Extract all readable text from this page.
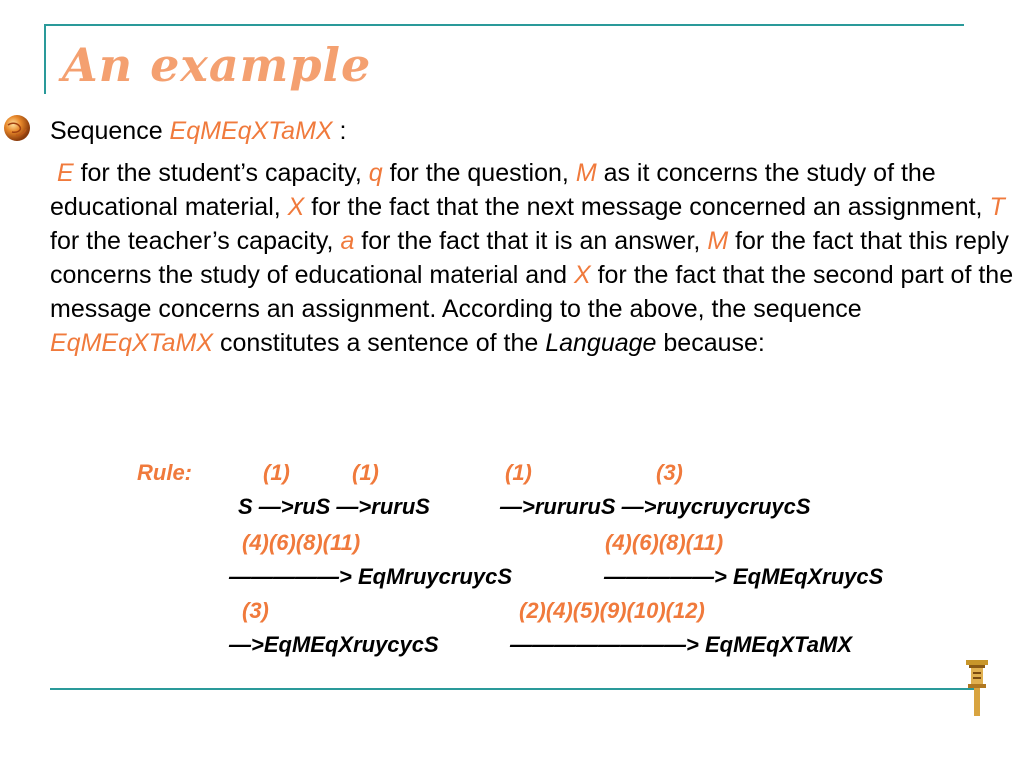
An example
Sequence EqMEqXTaMX :
E for the student’s capacity, q for the question, M as it concerns the study of the educational material, X for the fact that the next message concerned an assignment, T for the teacher’s capacity, a for the fact that it is an answer, M for the fact that this reply concerns the study of educational material and X for the fact that the second part of the message concerns an assignment. According to the above, the sequence EqMEqXTaMX constitutes a sentence of the Language because:
Rule:	(1)	(1)	(1)	(3)
S —>ruS —>ruruS	—>rururuS —>ruycruycruycS
(4)(6)(8)(11)	(4)(6)(8)(11)
—————> EqMruycruycS	—————> EqMEqXruycS
(3)	(2)(4)(5)(9)(10)(12)
—>EqMEqXruycycS	————————> EqMEqXTaMX
